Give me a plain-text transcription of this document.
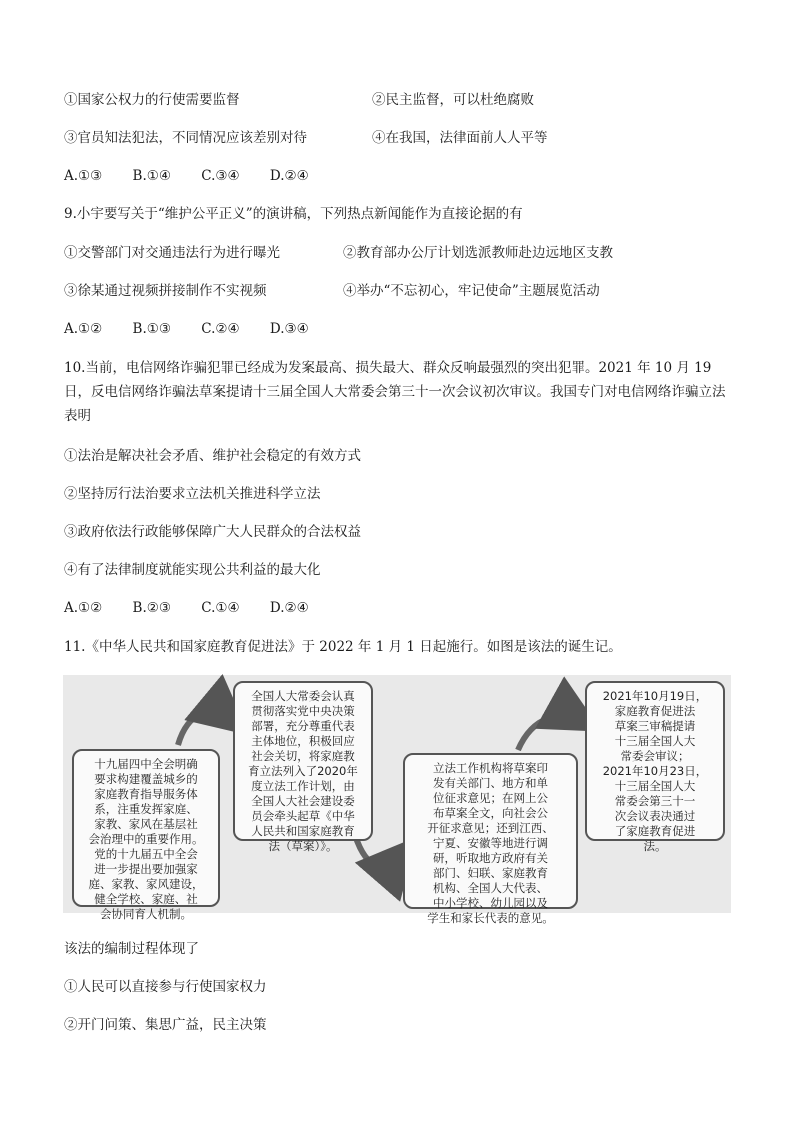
①国家公权力的行使需要监督	②民主监督，可以杜绝腐败
③官员知法犯法，不同情况应该差别对待	④在我国，法律面前人人平等
A.①③ B.①④ C.③④ D.②④
9.小宇要写关于“维护公平正义”的演讲稿，下列热点新闻能作为直接论据的有
①交警部门对交通违法行为进行曝光	②教育部办公厅计划选派教师赴边远地区支教
③徐某通过视频拼接制作不实视频	④举办“不忘初心，牢记使命”主题展览活动
A.①② B.①③ C.②④ D.③④
10.当前，电信网络诈骗犯罪已经成为发案最高、损失最大、群众反响最强烈的突出犯罪。2021 年 10 月 19 日，反电信网络诈骗法草案提请十三届全国人大常委会第三十一次会议初次审议。我国专门对电信网络诈骗立法表明
①法治是解决社会矛盾、维护社会稳定的有效方式
②坚持厉行法治要求立法机关推进科学立法
③政府依法行政能够保障广大人民群众的合法权益
④有了法律制度就能实现公共利益的最大化
A.①② B.②③ C.①④ D.②④
11.《中华人民共和国家庭教育促进法》于 2022 年 1 月 1 日起施行。如图是该法的诞生记。
十九届四中全会明确
要求构建覆盖城乡的
家庭教育指导服务体
系，注重发挥家庭、
家教、家风在基层社
会治理中的重要作用。
党的十九届五中全会
进一步提出要加强家
庭、家教、家风建设，
健全学校、家庭、社
会协同育人机制。
全国人大常委会认真
贯彻落实党中央决策
部署，充分尊重代表
主体地位，积极回应
社会关切，将家庭教
育立法列入了2020年
度立法工作计划，由
全国人大社会建设委
员会牵头起草《中华
人民共和国家庭教育
法（草案）》。
立法工作机构将草案印
发有关部门、地方和单
位征求意见；在网上公
布草案全文，向社会公
开征求意见；还到江西、
宁夏、安徽等地进行调
研，听取地方政府有关
部门、妇联、家庭教育
机构、全国人大代表、
中小学校、幼儿园以及
学生和家长代表的意见。
2021年10月19日，
家庭教育促进法
草案三审稿提请
十三届全国人大
常委会审议；
2021年10月23日，
十三届全国人大
常委会第三十一
次会议表决通过
了家庭教育促进
法。
该法的编制过程体现了
①人民可以直接参与行使国家权力
②开门问策、集思广益，民主决策
